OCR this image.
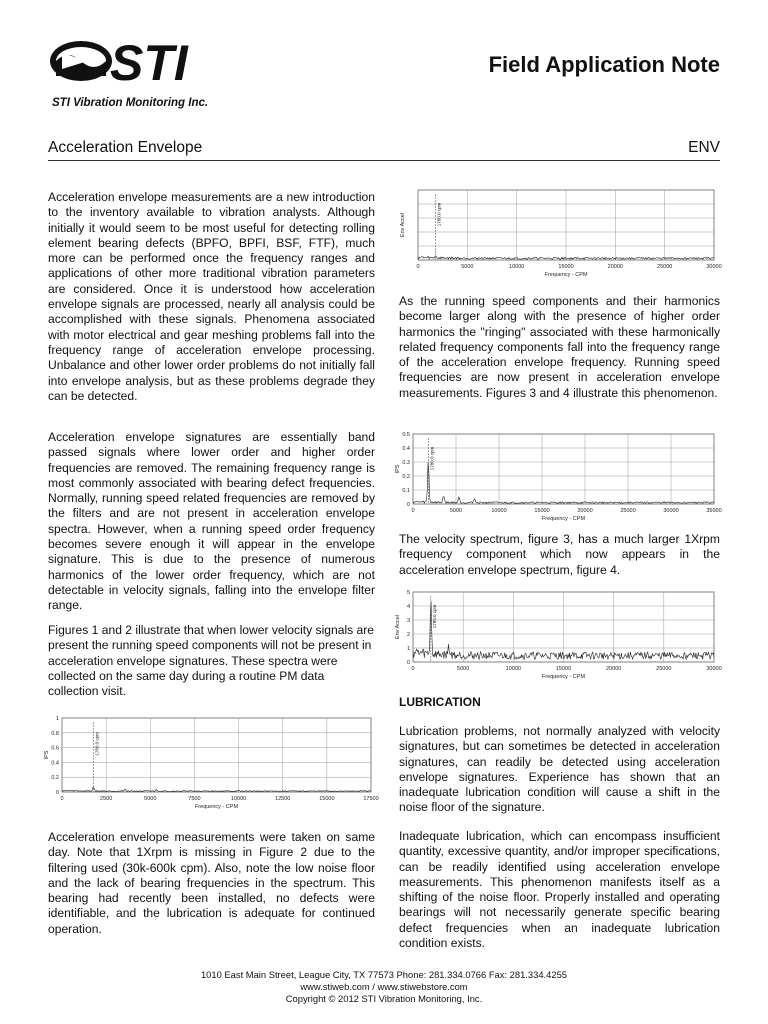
STI
STI Vibration Monitoring Inc.
Field Application Note
Acceleration Envelope	ENV

Acceleration envelope measurements are a new introduction to the inventory available to vibration analysts. Although initially it would seem to be most useful for detecting rolling element bearing defects (BPFO, BPFI, BSF, FTF), much more can be performed once the frequency ranges and applications of other more traditional vibration parameters are considered. Once it is understood how acceleration envelope signals are processed, nearly all analysis could be accomplished with these signals. Phenomena associated with motor electrical and gear meshing problems fall into the frequency range of acceleration envelope processing. Unbalance and other lower order problems do not initially fall into envelope analysis, but as these problems degrade they can be detected.

Acceleration envelope signatures are essentially band passed signals where lower order and higher order frequencies are removed. The remaining frequency range is most commonly associated with bearing defect frequencies. Normally, running speed related frequencies are removed by the filters and are not present in acceleration envelope spectra. However, when a running speed order frequency becomes severe enough it will appear in the envelope signature. This is due to the presence of numerous harmonics of the lower order frequency, which are not detectable in velocity signals, falling into the envelope filter range.

Figures 1 and 2 illustrate that when lower velocity signals are present the running speed components will not be present in acceleration envelope signatures. These spectra were collected on the same day during a routine PM data collection visit.

0	2500	5000	7500	10000	12500	15000	17500
0
0.2
0.4
0.6
0.8
1
Frequency - CPM
IPS	1780.0 cpm

Acceleration envelope measurements were taken on same day. Note that 1Xrpm is missing in Figure 2 due to the filtering used (30k-600k cpm). Also, note the low noise floor and the lack of bearing frequencies in the spectrum. This bearing had recently been installed, no defects were identifiable, and the lubrication is adequate for continued operation.

0	5000	10000	15000	20000	25000	30000
Frequency - CPM
Env Accel	1780.0 cpm

As the running speed components and their harmonics become larger along with the presence of higher order harmonics the "ringing" associated with these harmonically related frequency components fall into the frequency range of the acceleration envelope frequency. Running speed frequencies are now present in acceleration envelope measurements. Figures 3 and 4 illustrate this phenomenon.

0	5000	10000	15000	20000	25000	30000	35000
0
0.1
0.2
0.3
0.4
0.5
Frequency - CPM
IPS	1780.0 cpm

The velocity spectrum, figure 3, has a much larger 1Xrpm frequency component which now appears in the acceleration envelope spectrum, figure 4.

0	5000	10000	15000	20000	25000	30000
0
1
2
3
4
5
Frequency - CPM
Env Accel	1780.0 cpm
LUBRICATION

Lubrication problems, not normally analyzed with velocity signatures, but can sometimes be detected in acceleration signatures, can readily be detected using acceleration envelope signatures. Experience has shown that an inadequate lubrication condition will cause a shift in the noise floor of the signature.

Inadequate lubrication, which can encompass insufficient quantity, excessive quantity, and/or improper specifications, can be readily identified using acceleration envelope measurements. This phenomenon manifests itself as a shifting of the noise floor. Properly installed and operating bearings will not necessarily generate specific bearing defect frequencies when an inadequate lubrication condition exists.

1010 East Main Street, League City, TX 77573 Phone: 281.334.0766 Fax: 281.334.4255
www.stiweb.com / www.stiwebstore.com
Copyright © 2012 STI Vibration Monitoring, Inc.
